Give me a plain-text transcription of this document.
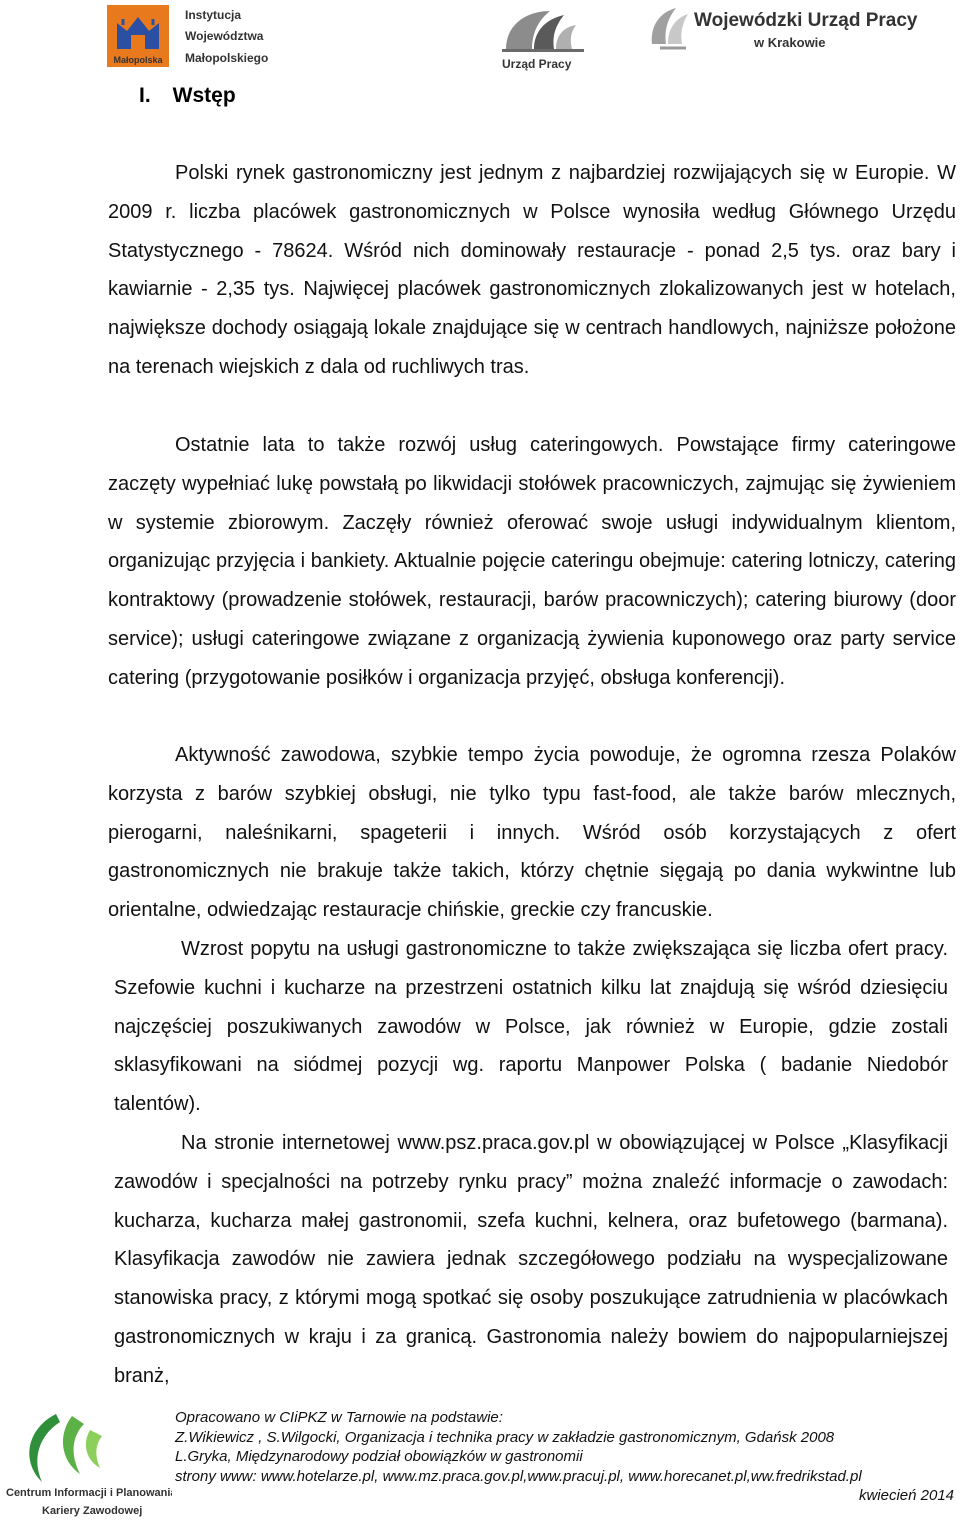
Małopolska
Instytucja
Województwa
Małopolskiego	Urząd Pracy
Wojewódzki Urząd Pracy
w Krakowie
I. Wstęp

Polski rynek gastronomiczny jest jednym z najbardziej rozwijających się w Europie. W 2009 r. liczba placówek gastronomicznych w Polsce wynosiła według Głównego Urzędu Statystycznego - 78624. Wśród nich dominowały restauracje - ponad 2,5 tys. oraz bary i kawiarnie - 2,35 tys. Najwięcej placówek gastronomicznych zlokalizowanych jest w hotelach, największe dochody osiągają lokale znajdujące się w centrach handlowych, najniższe położone na terenach wiejskich z dala od ruchliwych tras.

Ostatnie lata to także rozwój usług cateringowych. Powstające firmy cateringowe zaczęty wypełniać lukę powstałą po likwidacji stołówek pracowniczych, zajmując się żywieniem w systemie zbiorowym. Zaczęły również oferować swoje usługi indywidualnym klientom, organizując przyjęcia i bankiety. Aktualnie pojęcie cateringu obejmuje: catering lotniczy, catering kontraktowy (prowadzenie stołówek, restauracji, barów pracowniczych); catering biurowy (door service); usługi cateringowe związane z organizacją żywienia kuponowego oraz party service catering (przygotowanie posiłków i organizacja przyjęć, obsługa konferencji).

Aktywność zawodowa, szybkie tempo życia powoduje, że ogromna rzesza Polaków korzysta z barów szybkiej obsługi, nie tylko typu fast-food, ale także barów mlecznych, pierogarni, naleśnikarni, spageterii i innych. Wśród osób korzystających z ofert gastronomicznych nie brakuje także takich, którzy chętnie sięgają po dania wykwintne lub orientalne, odwiedzając restauracje chińskie, greckie czy francuskie.

Wzrost popytu na usługi gastronomiczne to także zwiększająca się liczba ofert pracy. Szefowie kuchni i kucharze na przestrzeni ostatnich kilku lat znajdują się wśród dziesięciu najczęściej poszukiwanych zawodów w Polsce, jak również w Europie, gdzie zostali sklasyfikowani na siódmej pozycji wg. raportu Manpower Polska ( badanie Niedobór talentów).

Na stronie internetowej www.psz.praca.gov.pl w obowiązującej w Polsce „Klasyfikacji zawodów i specjalności na potrzeby rynku pracy” można znaleźć informacje o zawodach: kucharza, kucharza małej gastronomii, szefa kuchni, kelnera, oraz bufetowego (barmana). Klasyfikacja zawodów nie zawiera jednak szczegółowego podziału na wyspecjalizowane stanowiska pracy, z którymi mogą spotkać się osoby poszukujące zatrudnienia w placówkach gastronomicznych w kraju i za granicą. Gastronomia należy bowiem do najpopularniejszej branż,

Centrum Informacji i Planowania
Kariery Zawodowej
Opracowano w CIiPKZ w Tarnowie na podstawie:
Z.Wikiewicz , S.Wilgocki, Organizacja i technika pracy w zakładzie gastronomicznym, Gdańsk 2008
L.Gryka, Międzynarodowy podział obowiązków w gastronomii
strony www: www.hotelarze.pl, www.mz.praca.gov.pl,www.pracuj.pl, www.horecanet.pl,ww.fredrikstad.pl
kwiecień 2014
